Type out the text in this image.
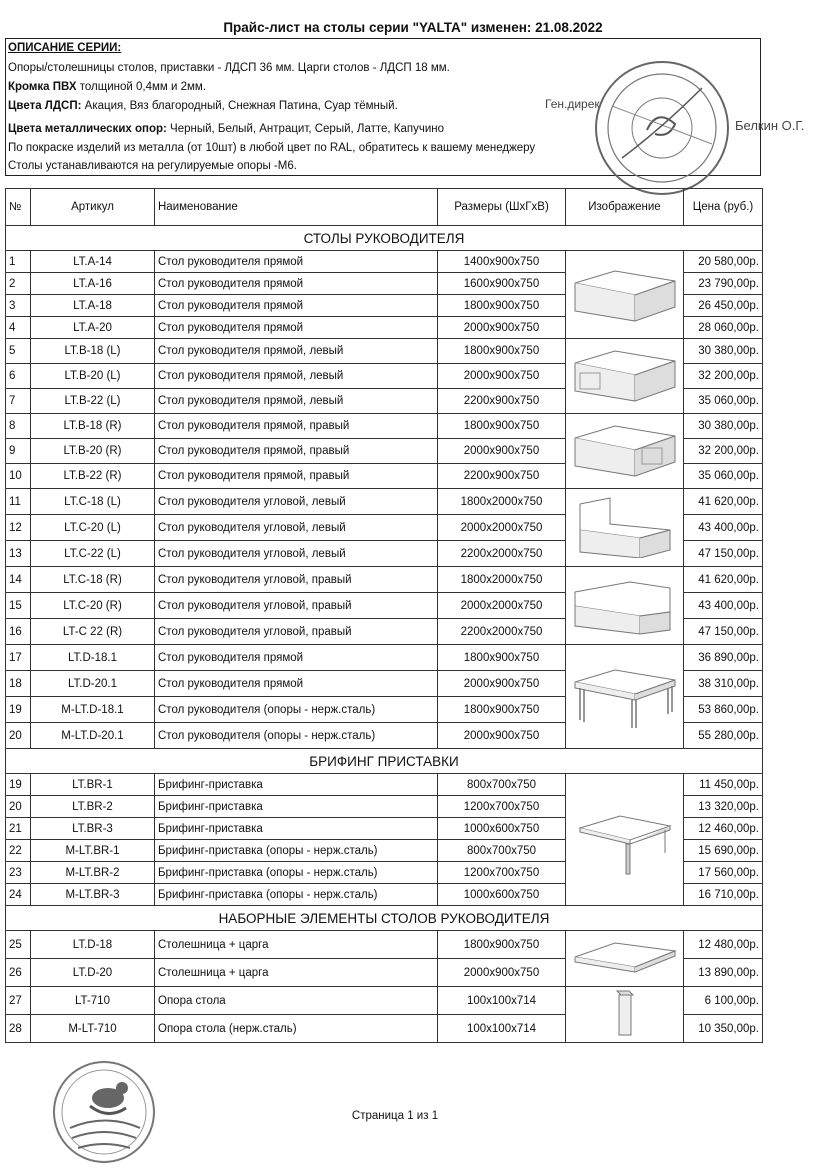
Прайс-лист на столы серии "YALTA" изменен: 21.08.2022
ОПИСАНИЕ СЕРИИ:
Опоры/столешницы столов, приставки - ЛДСП 36 мм. Царги столов - ЛДСП 18 мм.
Кромка ПВХ толщиной 0,4мм и 2мм.
Цвета ЛДСП: Акация, Вяз благородный, Снежная Патина, Суар тёмный.
Цвета металлических опор: Черный, Белый, Антрацит, Серый, Латте, Капучино
По покраске изделий из металла (от 10шт) в любой цвет по RAL, обратитесь к вашему менеджеру
Столы устанавливаются на регулируемые опоры -М6.
Ген.дирек
Белкин О.Г.
№	Артикул	Наименование	Размеры (ШхГхВ)	Изображение	Цена (руб.)
СТОЛЫ РУКОВОДИТЕЛЯ					
1	LT.A-14	Стол руководителя прямой	1400х900х750		20 580,00р.
2	LT.A-16	Стол руководителя прямой	1600х900х750		23 790,00р.
3	LT.A-18	Стол руководителя прямой	1800х900х750		26 450,00р.
4	LT.A-20	Стол руководителя прямой	2000х900х750		28 060,00р.
5	LT.B-18 (L)	Стол руководителя прямой, левый	1800х900х750		30 380,00р.
6	LT.B-20 (L)	Стол руководителя прямой, левый	2000х900х750		32 200,00р.
7	LT.B-22 (L)	Стол руководителя прямой, левый	2200х900х750		35 060,00р.
8	LT.B-18 (R)	Стол руководителя прямой, правый	1800х900х750		30 380,00р.
9	LT.B-20 (R)	Стол руководителя прямой, правый	2000х900х750		32 200,00р.
10	LT.B-22 (R)	Стол руководителя прямой, правый	2200х900х750		35 060,00р.
11	LT.C-18 (L)	Стол руководителя угловой, левый	1800х2000х750		41 620,00р.
12	LT.C-20 (L)	Стол руководителя угловой, левый	2000х2000х750		43 400,00р.
13	LT.C-22 (L)	Стол руководителя угловой, левый	2200х2000х750		47 150,00р.
14	LT.C-18 (R)	Стол руководителя угловой, правый	1800х2000х750		41 620,00р.
15	LT.C-20 (R)	Стол руководителя угловой, правый	2000х2000х750		43 400,00р.
16	LT-C 22 (R)	Стол руководителя угловой, правый	2200х2000х750		47 150,00р.
17	LT.D-18.1	Стол руководителя прямой	1800х900х750		36 890,00р.
18	LT.D-20.1	Стол руководителя прямой	2000х900х750		38 310,00р.
19	M-LT.D-18.1	Стол руководителя (опоры - нерж.сталь)	1800х900х750		53 860,00р.
20	M-LT.D-20.1	Стол руководителя (опоры - нерж.сталь)	2000х900х750		55 280,00р.
БРИФИНГ ПРИСТАВКИ					
19	LT.BR-1	Брифинг-приставка	800х700х750		11 450,00р.
20	LT.BR-2	Брифинг-приставка	1200х700х750		13 320,00р.
21	LT.BR-3	Брифинг-приставка	1000х600х750		12 460,00р.
22	M-LT.BR-1	Брифинг-приставка (опоры - нерж.сталь)	800х700х750		15 690,00р.
23	M-LT.BR-2	Брифинг-приставка (опоры - нерж.сталь)	1200х700х750		17 560,00р.
24	M-LT.BR-3	Брифинг-приставка (опоры - нерж.сталь)	1000х600х750		16 710,00р.
НАБОРНЫЕ ЭЛЕМЕНТЫ СТОЛОВ РУКОВОДИТЕЛЯ					
25	LT.D-18	Столешница + царга	1800х900х750		12 480,00р.
26	LT.D-20	Столешница + царга	2000х900х750		13 890,00р.
27	LT-710	Опора стола	100х100х714		6 100,00р.
28	M-LT-710	Опора стола (нерж.сталь)	100х100х714		10 350,00р.
Страница 1 из 1
